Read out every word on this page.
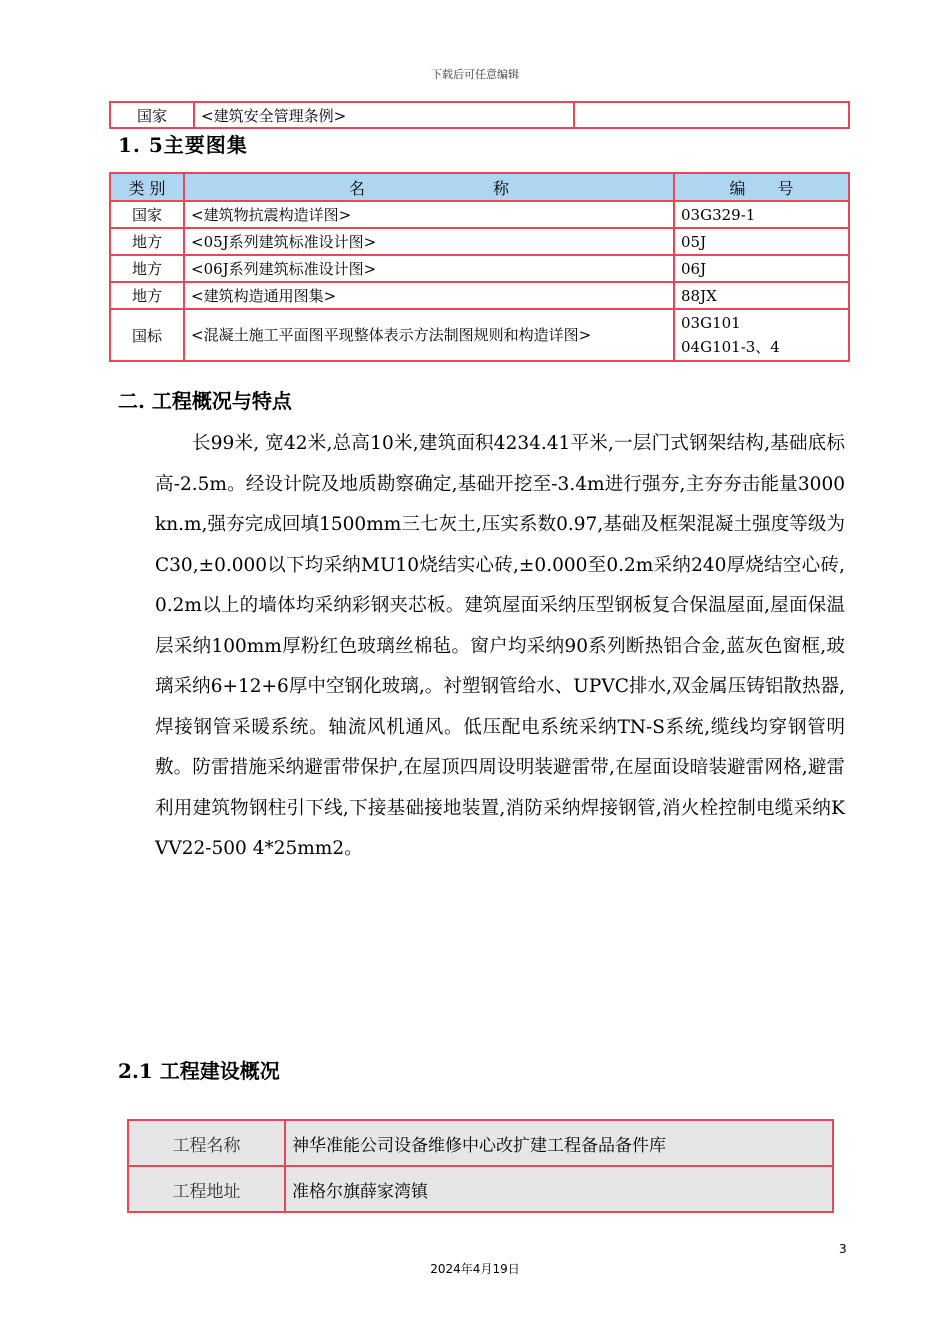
下载后可任意编辑
国家	<建筑安全管理条例>	
1. 5主要图集
类 别	名　　　　　　　　称	编　　号
国家	<建筑物抗震构造详图>	03G329-1
地方	<05J系列建筑标准设计图>	05J
地方	<06J系列建筑标准设计图>	06J
地方	<建筑构造通用图集>	88JX
国标	<混凝土施工平面图平现整体表示方法制图规则和构造详图>	03G101
04G101-3、4
二. 工程概况与特点

长99米, 宽42米,总高10米,建筑面积4234.41平米,一层门式钢架结构,基础底标高-2.5m。经设计院及地质勘察确定,基础开挖至-3.4m进行强夯,主夯夯击能量3000kn.m,强夯完成回填1500mm三七灰土,压实系数0.97,基础及框架混凝土强度等级为C30,±0.000以下均采纳MU10烧结实心砖,±0.000至0.2m采纳240厚烧结空心砖,0.2m以上的墙体均采纳彩钢夹芯板。建筑屋面采纳压型钢板复合保温屋面,屋面保温层采纳100mm厚粉红色玻璃丝棉毡。窗户均采纳90系列断热铝合金,蓝灰色窗框,玻璃采纳6+12+6厚中空钢化玻璃,。衬塑钢管给水、UPVC排水,双金属压铸铝散热器,焊接钢管采暖系统。轴流风机通风。低压配电系统采纳TN-S系统,缆线均穿钢管明敷。防雷措施采纳避雷带保护,在屋顶四周设明装避雷带,在屋面设暗装避雷网格,避雷利用建筑物钢柱引下线,下接基础接地装置,消防采纳焊接钢管,消火栓控制电缆采纳KVV22-500 4*25mm2。

2.1 工程建设概况
工程名称	神华准能公司设备维修中心改扩建工程备品备件库
工程地址	准格尔旗薛家湾镇
3
2024年4月19日
